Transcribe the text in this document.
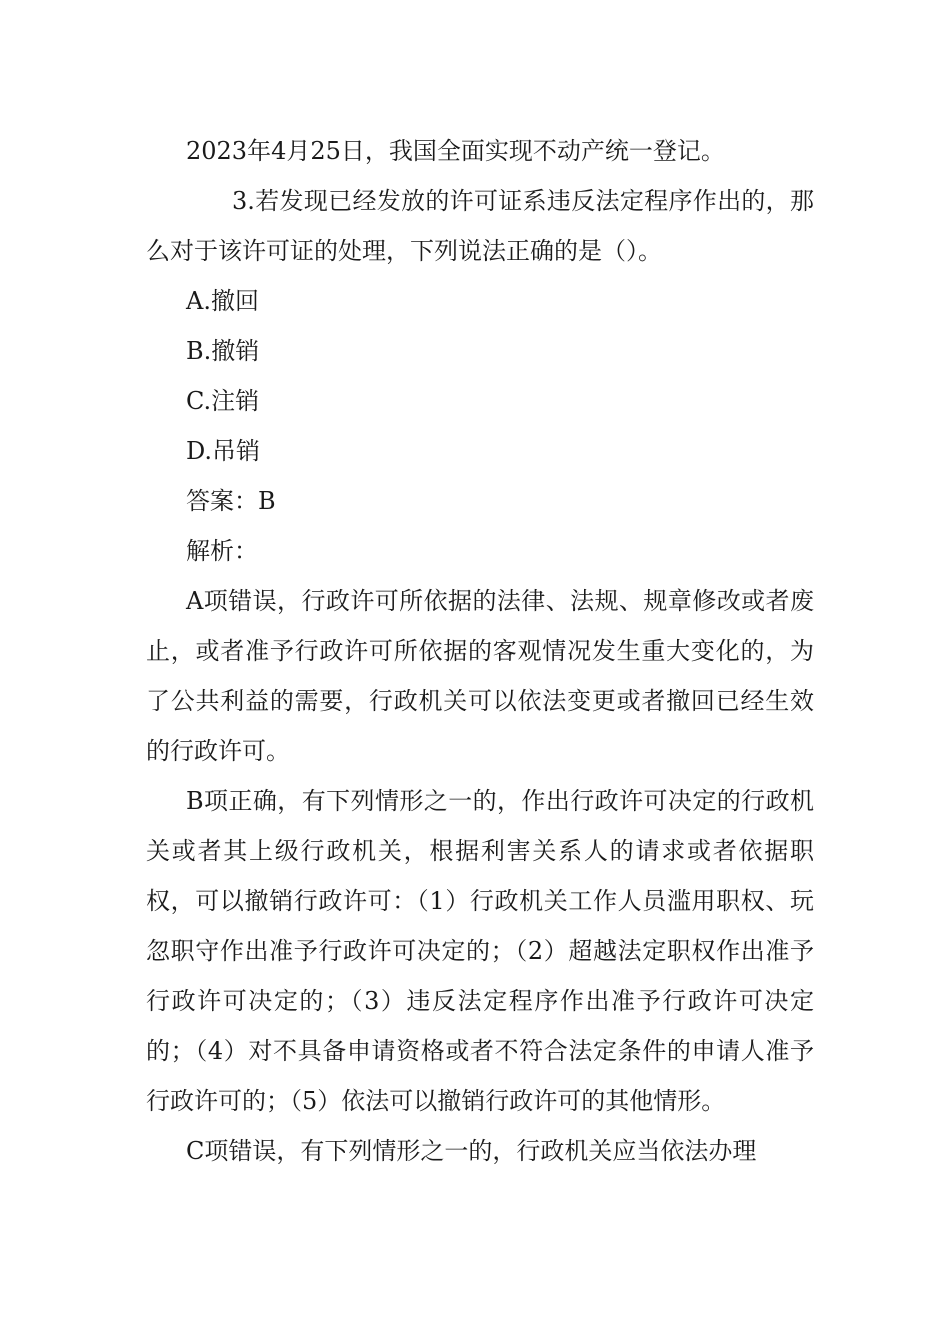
2023年4月25日，我国全面实现不动产统一登记。

3.若发现已经发放的许可证系违反法定程序作出的，那么对于该许可证的处理，下列说法正确的是（）。

A.撤回

B.撤销

C.注销

D.吊销

答案：B

解析：

A项错误，行政许可所依据的法律、法规、规章修改或者废止，或者准予行政许可所依据的客观情况发生重大变化的，为了公共利益的需要，行政机关可以依法变更或者撤回已经生效的行政许可。

B项正确，有下列情形之一的，作出行政许可决定的行政机关或者其上级行政机关，根据利害关系人的请求或者依据职权，可以撤销行政许可：（1）行政机关工作人员滥用职权、玩忽职守作出准予行政许可决定的；（2）超越法定职权作出准予行政许可决定的；（3）违反法定程序作出准予行政许可决定的；（4）对不具备申请资格或者不符合法定条件的申请人准予行政许可的；（5）依法可以撤销行政许可的其他情形。

C项错误，有下列情形之一的，行政机关应当依法办理
